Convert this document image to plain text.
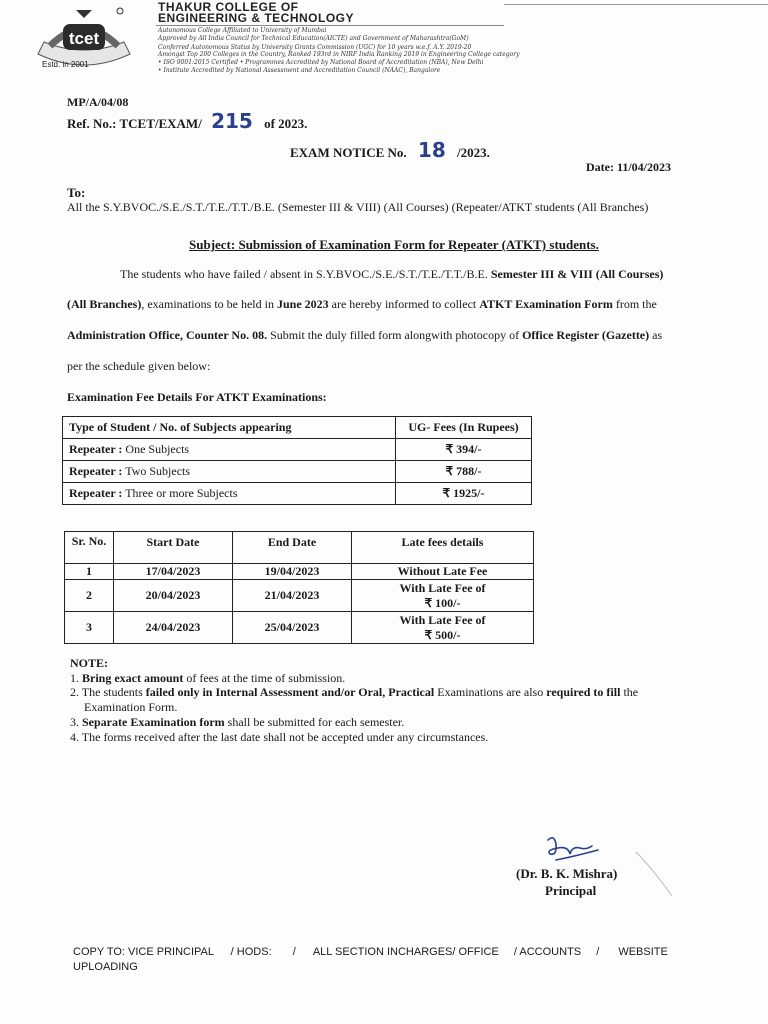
tcet
Estd. in 2001
THAKUR COLLEGE OF
ENGINEERING & TECHNOLOGY
Autonomous College Affiliated to University of Mumbai
Approved by All India Council for Technical Education(AICTE) and Government of Maharashtra(GoM)
Conferred Autonomous Status by University Grants Commission (UGC) for 10 years w.e.f. A.Y. 2019-20
Amongst Top 200 Colleges in the Country, Ranked 193rd in NIRF India Ranking 2019 in Engineering College category
• ISO 9001:2015 Certified • Programmes Accredited by National Board of Accreditation (NBA), New Delhi
• Institute Accredited by National Assessment and Accreditation Council (NAAC), Bangalore
MP/A/04/08
Ref. No.: TCET/EXAM/ 215 of 2023.
EXAM NOTICE No. 18 /2023.
Date: 11/04/2023
To:
All the S.Y.BVOC./S.E./S.T./T.E./T.T./B.E. (Semester III & VIII) (All Courses) (Repeater/ATKT students (All Branches)
Subject: Submission of Examination Form for Repeater (ATKT) students.
The students who have failed / absent in S.Y.BVOC./S.E./S.T./T.E./T.T./B.E. Semester III & VIII (All Courses)
(All Branches), examinations to be held in June 2023 are hereby informed to collect ATKT Examination Form from the
Administration Office, Counter No. 08. Submit the duly filled form alongwith photocopy of Office Register (Gazette) as
per the schedule given below:
Examination Fee Details For ATKT Examinations:
Type of Student / No. of Subjects appearing	UG- Fees (In Rupees)
Repeater : One Subjects	₹ 394/-
Repeater : Two Subjects	₹ 788/-
Repeater : Three or more Subjects	₹ 1925/-
Sr. No.	Start Date	End Date	Late fees details
1	17/04/2023	19/04/2023	Without Late Fee
2	20/04/2023	21/04/2023	With Late Fee of
₹ 100/-

3	24/04/2023	25/04/2023	With Late Fee of
₹ 500/-
NOTE:
1. Bring exact amount of fees at the time of submission.
2. The students failed only in Internal Assessment and/or Oral, Practical Examinations are also required to fill the
Examination Form.
3. Separate Examination form shall be submitted for each semester.
4. The forms received after the last date shall not be accepted under any circumstances.
(Dr. B. K. Mishra)
Principal
COPY TO: VICE PRINCIPAL / HODS: / ALL SECTION INCHARGES/ OFFICE / ACCOUNTS / WEBSITE
UPLOADING
